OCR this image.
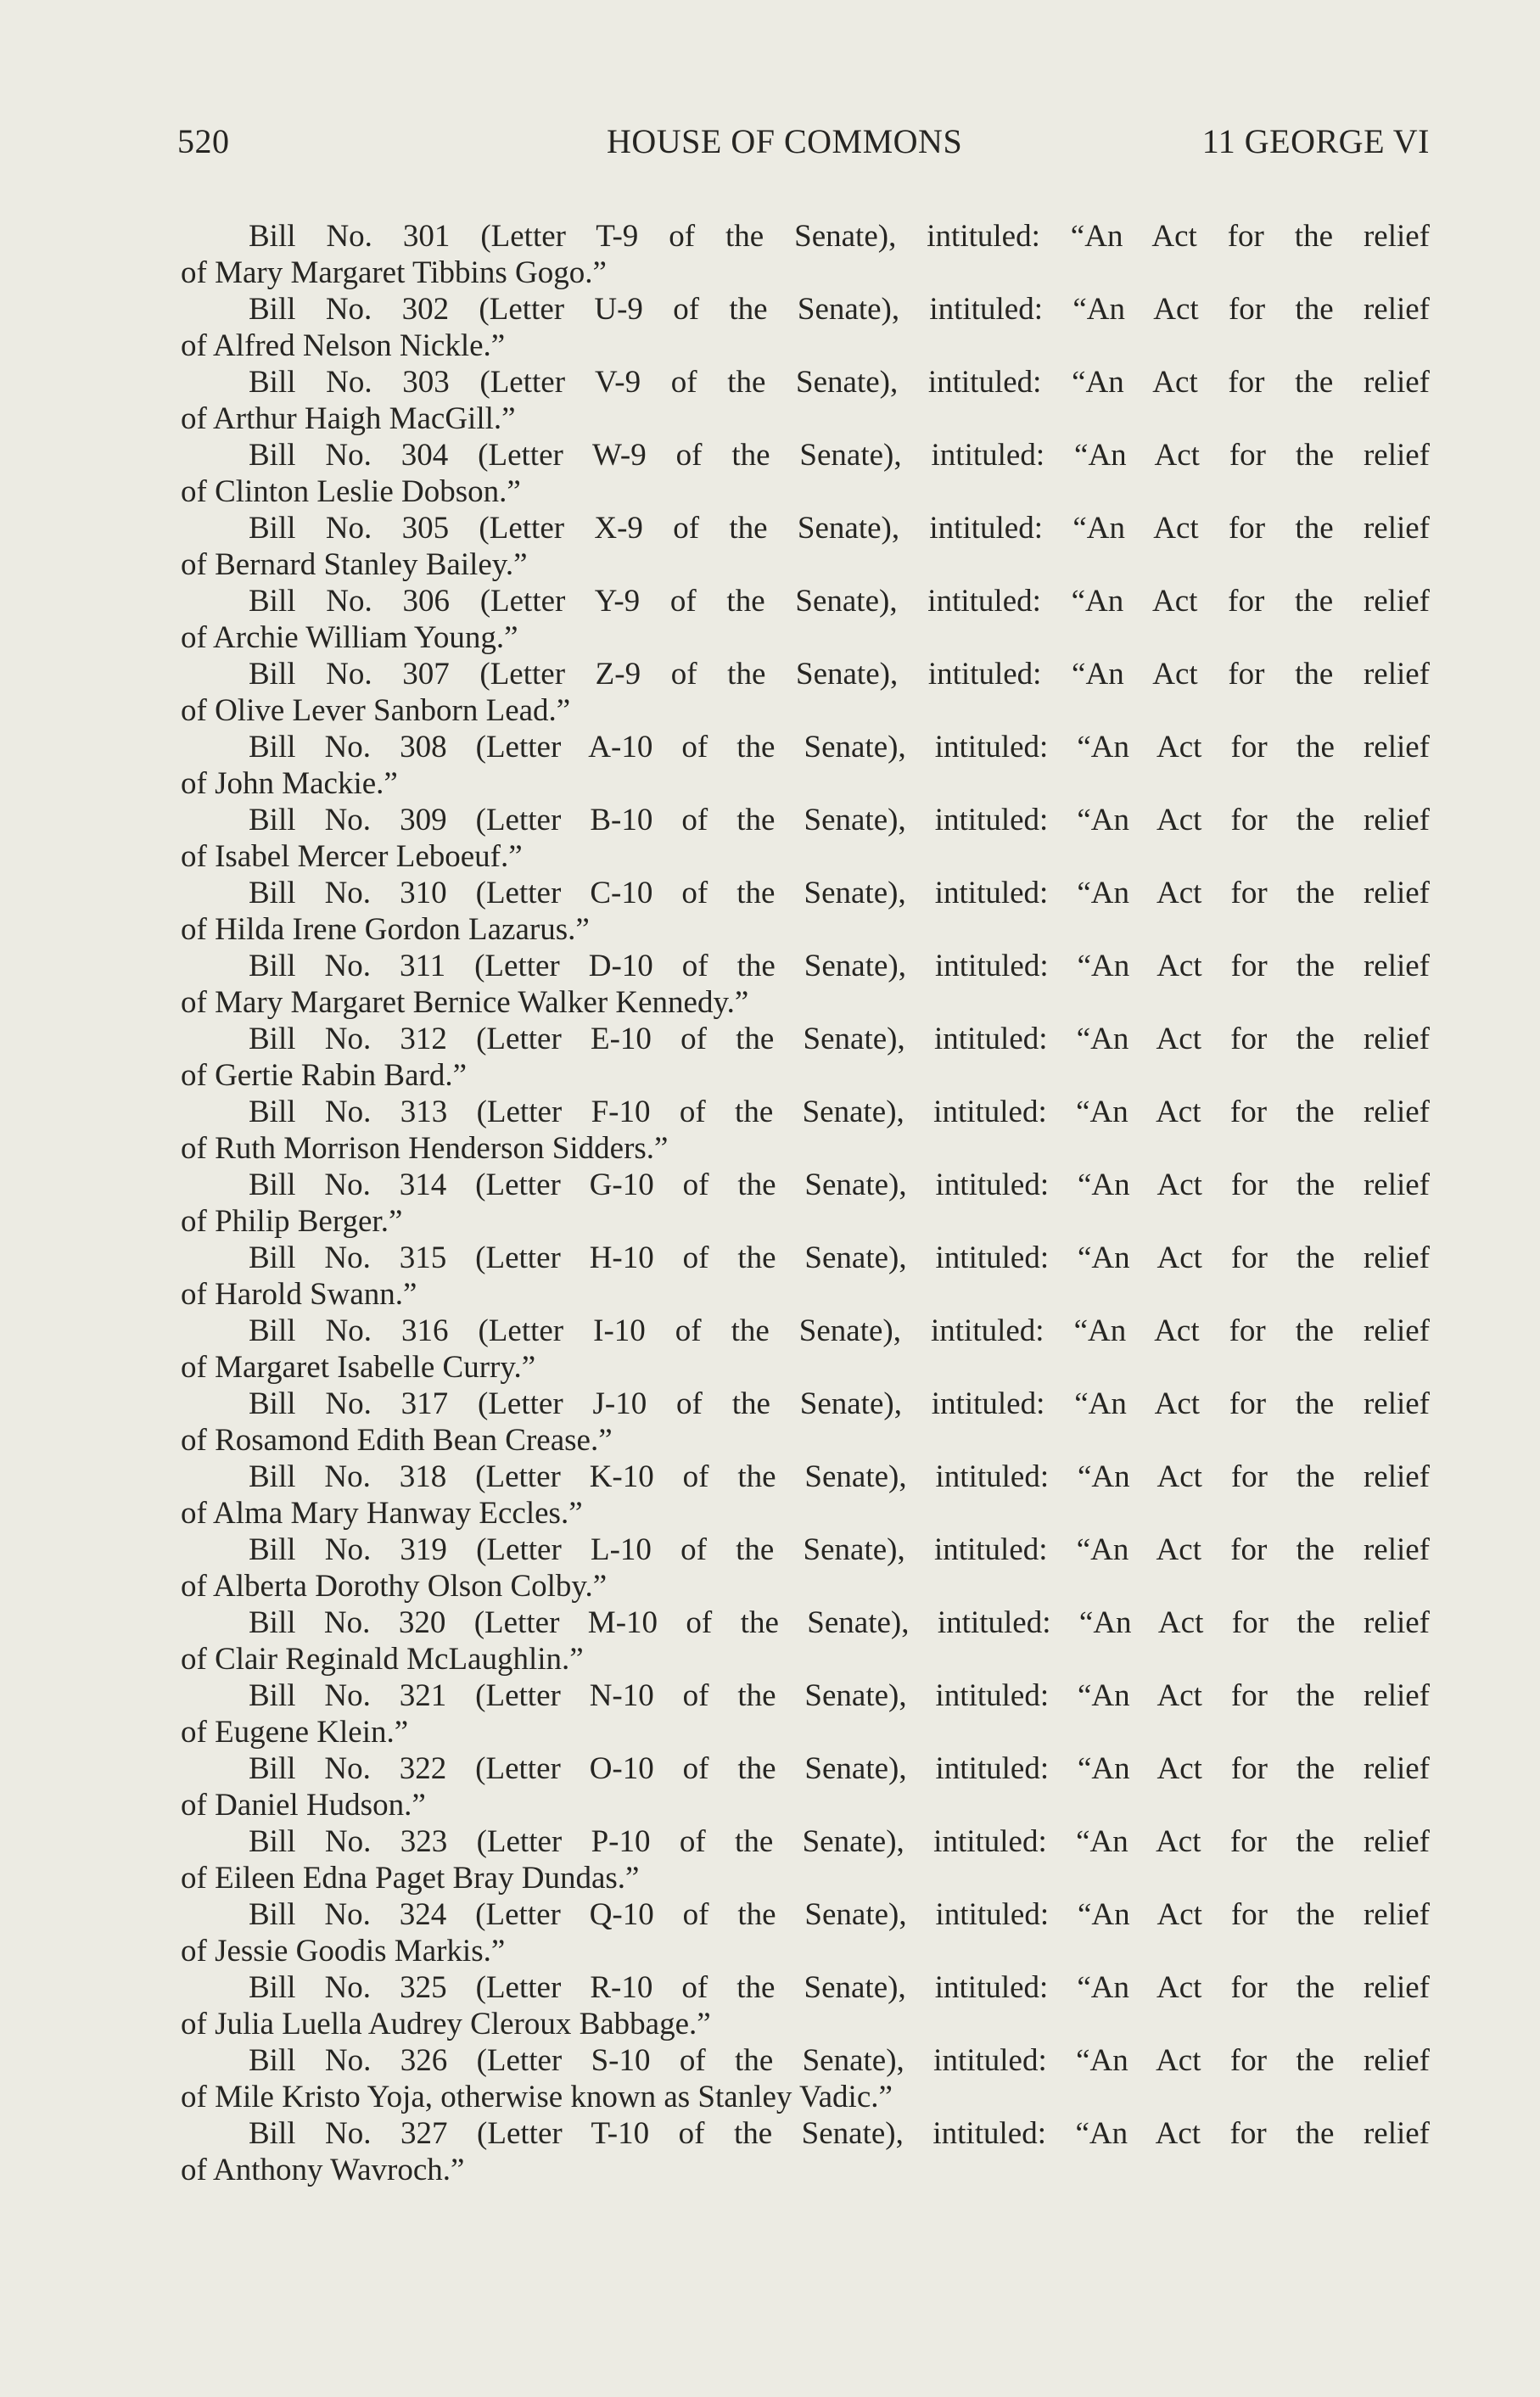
520	HOUSE OF COMMONS	11 GEORGE VI
Bill No. 301 (Letter T-9 of the Senate), intituled: “An Act for the relief
of Mary Margaret Tibbins Gogo.”
Bill No. 302 (Letter U-9 of the Senate), intituled: “An Act for the relief
of Alfred Nelson Nickle.”
Bill No. 303 (Letter V-9 of the Senate), intituled: “An Act for the relief
of Arthur Haigh MacGill.”
Bill No. 304 (Letter W-9 of the Senate), intituled: “An Act for the relief
of Clinton Leslie Dobson.”
Bill No. 305 (Letter X-9 of the Senate), intituled: “An Act for the relief
of Bernard Stanley Bailey.”
Bill No. 306 (Letter Y-9 of the Senate), intituled: “An Act for the relief
of Archie William Young.”
Bill No. 307 (Letter Z-9 of the Senate), intituled: “An Act for the relief
of Olive Lever Sanborn Lead.”
Bill No. 308 (Letter A-10 of the Senate), intituled: “An Act for the relief
of John Mackie.”
Bill No. 309 (Letter B-10 of the Senate), intituled: “An Act for the relief
of Isabel Mercer Leboeuf.”
Bill No. 310 (Letter C-10 of the Senate), intituled: “An Act for the relief
of Hilda Irene Gordon Lazarus.”
Bill No. 311 (Letter D-10 of the Senate), intituled: “An Act for the relief
of Mary Margaret Bernice Walker Kennedy.”
Bill No. 312 (Letter E-10 of the Senate), intituled: “An Act for the relief
of Gertie Rabin Bard.”
Bill No. 313 (Letter F-10 of the Senate), intituled: “An Act for the relief
of Ruth Morrison Henderson Sidders.”
Bill No. 314 (Letter G-10 of the Senate), intituled: “An Act for the relief
of Philip Berger.”
Bill No. 315 (Letter H-10 of the Senate), intituled: “An Act for the relief
of Harold Swann.”
Bill No. 316 (Letter I-10 of the Senate), intituled: “An Act for the relief
of Margaret Isabelle Curry.”
Bill No. 317 (Letter J-10 of the Senate), intituled: “An Act for the relief
of Rosamond Edith Bean Crease.”
Bill No. 318 (Letter K-10 of the Senate), intituled: “An Act for the relief
of Alma Mary Hanway Eccles.”
Bill No. 319 (Letter L-10 of the Senate), intituled: “An Act for the relief
of Alberta Dorothy Olson Colby.”
Bill No. 320 (Letter M-10 of the Senate), intituled: “An Act for the relief
of Clair Reginald McLaughlin.”
Bill No. 321 (Letter N-10 of the Senate), intituled: “An Act for the relief
of Eugene Klein.”
Bill No. 322 (Letter O-10 of the Senate), intituled: “An Act for the relief
of Daniel Hudson.”
Bill No. 323 (Letter P-10 of the Senate), intituled: “An Act for the relief
of Eileen Edna Paget Bray Dundas.”
Bill No. 324 (Letter Q-10 of the Senate), intituled: “An Act for the relief
of Jessie Goodis Markis.”
Bill No. 325 (Letter R-10 of the Senate), intituled: “An Act for the relief
of Julia Luella Audrey Cleroux Babbage.”
Bill No. 326 (Letter S-10 of the Senate), intituled: “An Act for the relief
of Mile Kristo Yoja, otherwise known as Stanley Vadic.”
Bill No. 327 (Letter T-10 of the Senate), intituled: “An Act for the relief
of Anthony Wavroch.”
